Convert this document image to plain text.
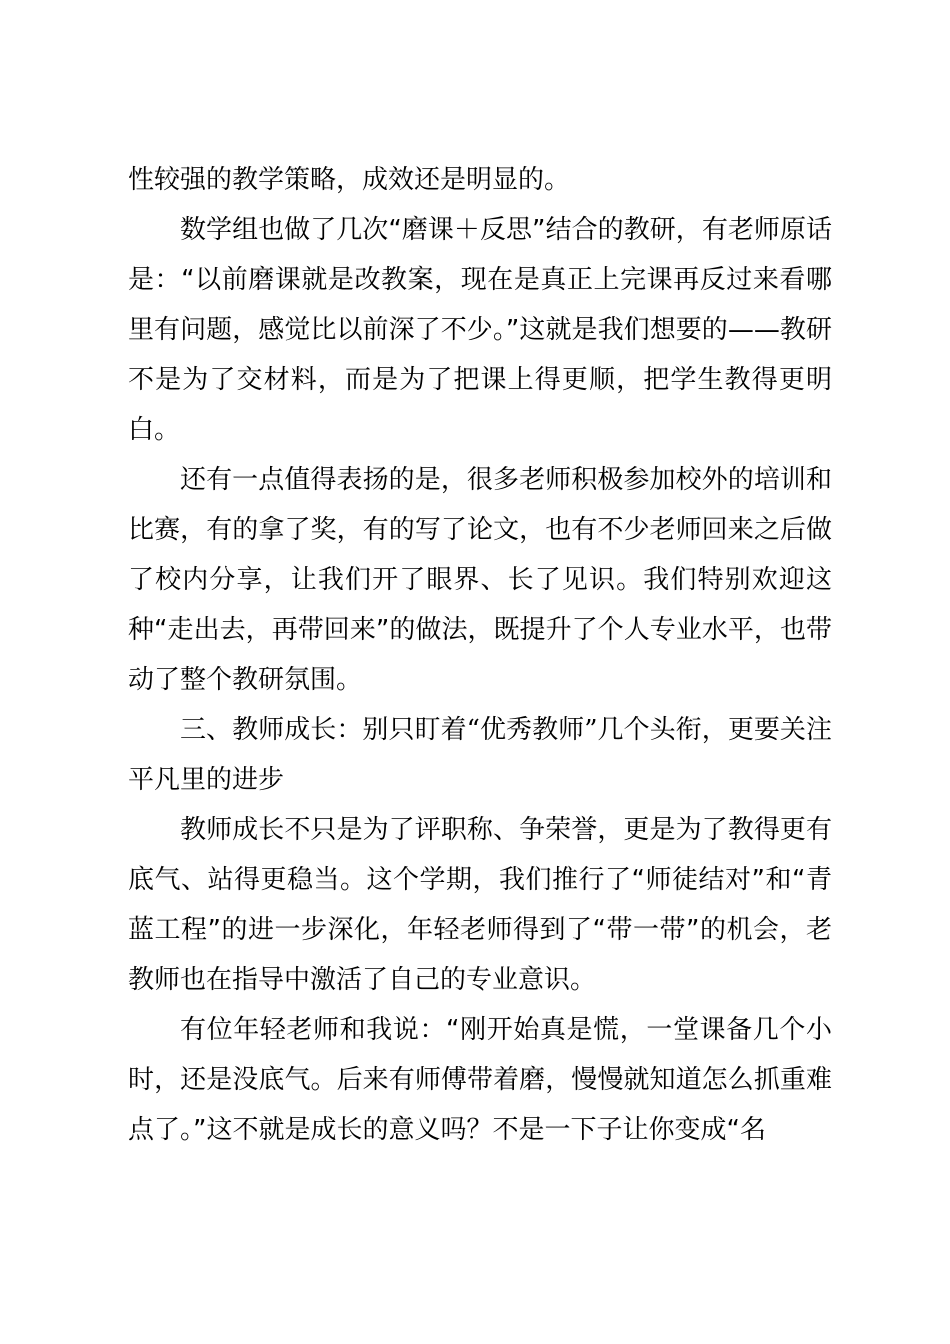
性较强的教学策略，成效还是明显的。

数学组也做了几次“磨课＋反思”结合的教研，有老师原话是：“以前磨课就是改教案，现在是真正上完课再反过来看哪里有问题，感觉比以前深了不少。”这就是我们想要的——教研不是为了交材料，而是为了把课上得更顺，把学生教得更明白。

还有一点值得表扬的是，很多老师积极参加校外的培训和比赛，有的拿了奖，有的写了论文，也有不少老师回来之后做了校内分享，让我们开了眼界、长了见识。我们特别欢迎这种“走出去，再带回来”的做法，既提升了个人专业水平，也带动了整个教研氛围。

三、教师成长：别只盯着“优秀教师”几个头衔，更要关注平凡里的进步

教师成长不只是为了评职称、争荣誉，更是为了教得更有底气、站得更稳当。这个学期，我们推行了“师徒结对”和“青蓝工程”的进一步深化，年轻老师得到了“带一带”的机会，老教师也在指导中激活了自己的专业意识。

有位年轻老师和我说：“刚开始真是慌，一堂课备几个小时，还是没底气。后来有师傅带着磨，慢慢就知道怎么抓重难点了。”这不就是成长的意义吗？不是一下子让你变成“名
